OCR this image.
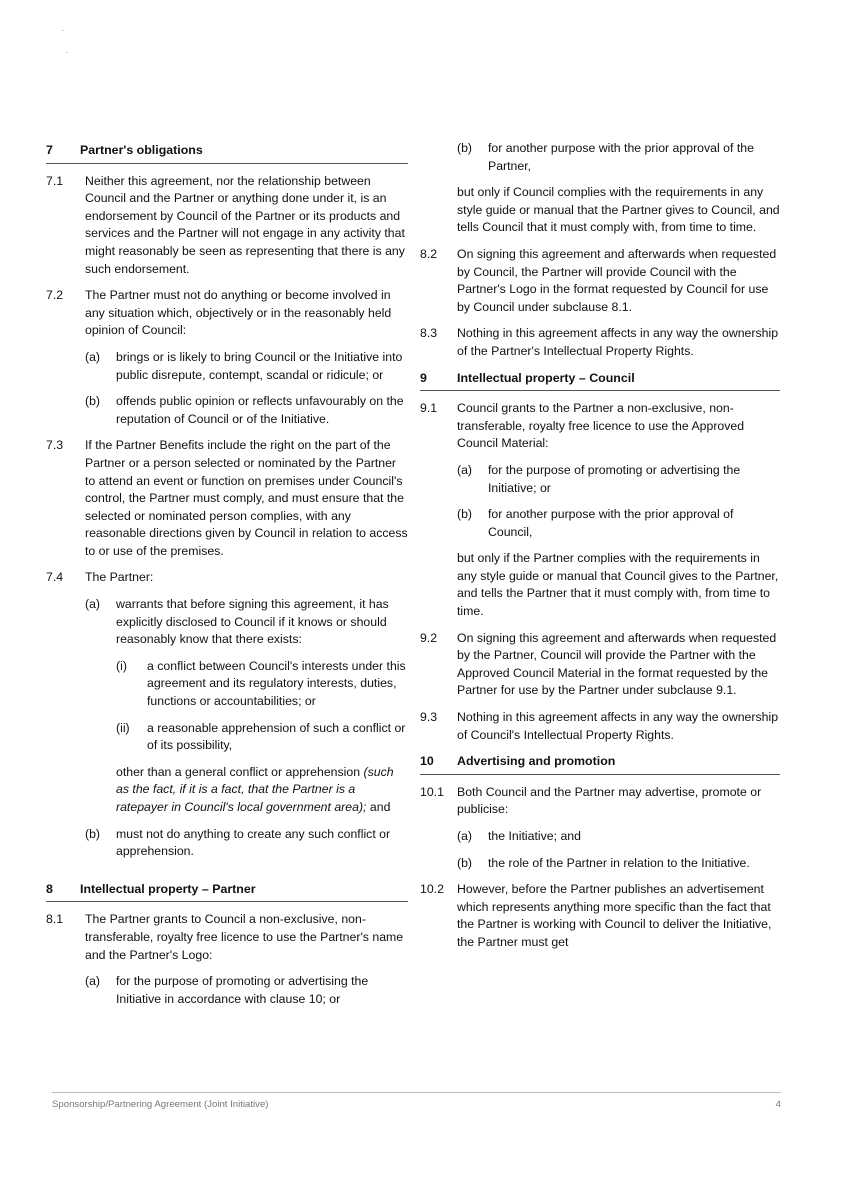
7	Partner's obligations
7.1	Neither this agreement, nor the relationship between Council and the Partner or anything done under it, is an endorsement by Council of the Partner or its products and services and the Partner will not engage in any activity that might reasonably be seen as representing that there is any such endorsement.
7.2	The Partner must not do anything or become involved in any situation which, objectively or in the reasonably held opinion of Council:
(a)	brings or is likely to bring Council or the Initiative into public disrepute, contempt, scandal or ridicule; or
(b)	offends public opinion or reflects unfavourably on the reputation of Council or of the Initiative.
7.3	If the Partner Benefits include the right on the part of the Partner or a person selected or nominated by the Partner to attend an event or function on premises under Council's control, the Partner must comply, and must ensure that the selected or nominated person complies, with any reasonable directions given by Council in relation to access to or use of the premises.
7.4	The Partner:
(a)	warrants that before signing this agreement, it has explicitly disclosed to Council if it knows or should reasonably know that there exists:
(i)	a conflict between Council's interests under this agreement and its regulatory interests, duties, functions or accountabilities; or
(ii)	a reasonable apprehension of such a conflict or of its possibility,

other than a general conflict or apprehension (such as the fact, if it is a fact, that the Partner is a ratepayer in Council's local government area); and

(b)	must not do anything to create any such conflict or apprehension.
8	Intellectual property – Partner
8.1	The Partner grants to Council a non-exclusive, non-transferable, royalty free licence to use the Partner's name and the Partner's Logo:
(a)	for the purpose of promoting or advertising the Initiative in accordance with clause 10; or
(b)	for another purpose with the prior approval of the Partner,

but only if Council complies with the requirements in any style guide or manual that the Partner gives to Council, and tells Council that it must comply with, from time to time.

8.2	On signing this agreement and afterwards when requested by Council, the Partner will provide Council with the Partner's Logo in the format requested by Council for use by Council under subclause 8.1.
8.3	Nothing in this agreement affects in any way the ownership of the Partner's Intellectual Property Rights.
9	Intellectual property – Council
9.1	Council grants to the Partner a non-exclusive, non-transferable, royalty free licence to use the Approved Council Material:
(a)	for the purpose of promoting or advertising the Initiative; or
(b)	for another purpose with the prior approval of Council,

but only if the Partner complies with the requirements in any style guide or manual that Council gives to the Partner, and tells the Partner that it must comply with, from time to time.

9.2	On signing this agreement and afterwards when requested by the Partner, Council will provide the Partner with the Approved Council Material in the format requested by the Partner for use by the Partner under subclause 9.1.
9.3	Nothing in this agreement affects in any way the ownership of Council's Intellectual Property Rights.
10	Advertising and promotion
10.1	Both Council and the Partner may advertise, promote or publicise:
(a)	the Initiative; and
(b)	the role of the Partner in relation to the Initiative.
10.2	However, before the Partner publishes an advertisement which represents anything more specific than the fact that the Partner is working with Council to deliver the Initiative, the Partner must get
Sponsorship/Partnering Agreement (Joint Initiative)	4
